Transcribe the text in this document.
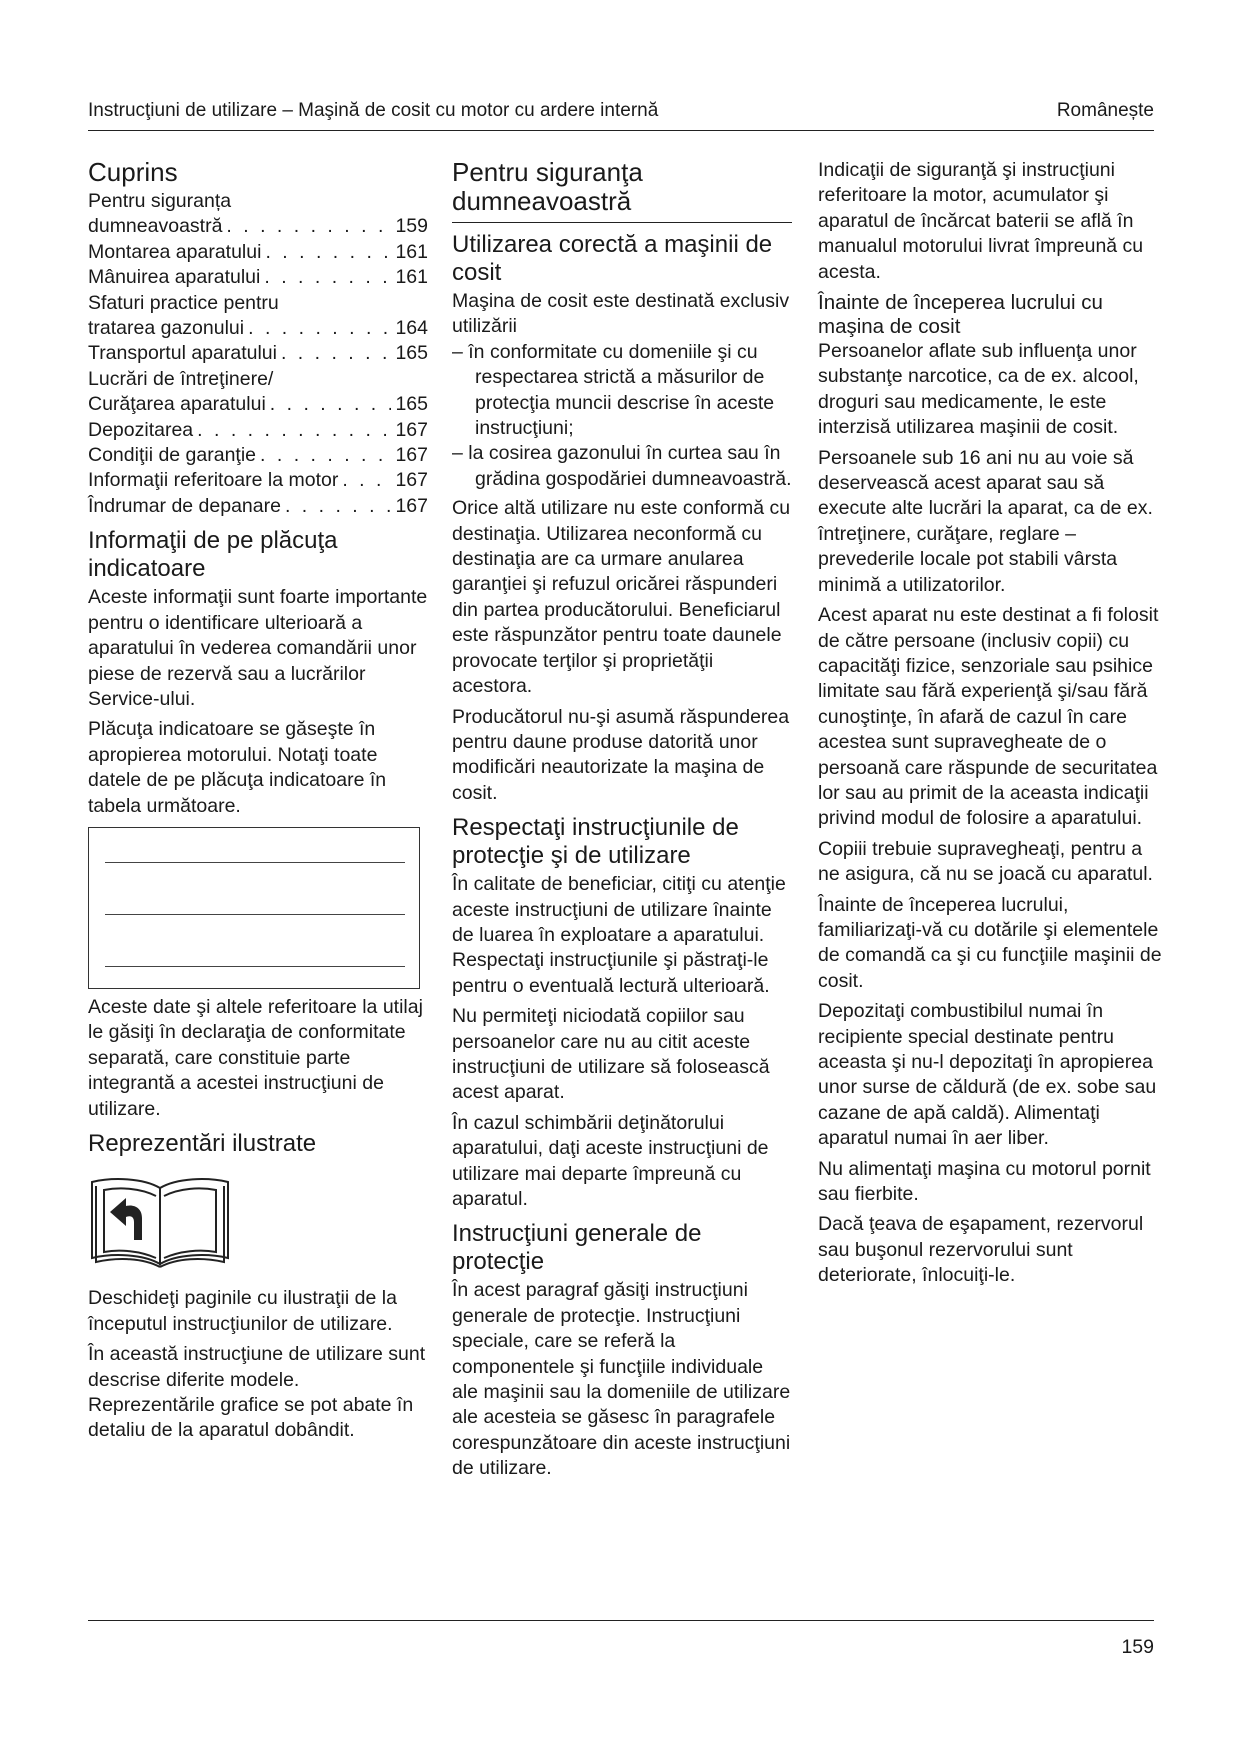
Instrucţiuni de utilizare – Maşină de cosit cu motor cu ardere internă	Românește
Cuprins
Pentru siguranța
dumneavoastră . . .	159
Montarea aparatului . . .	161
Mânuirea aparatului . . .	161
Sfaturi practice pentru
tratarea gazonului . . .	164
Transportul aparatului . . .	165
Lucrări de întreţinere/
Curăţarea aparatului . . .	165
Depozitarea . . .	167
Condiţii de garanţie . . .	167
Informaţii referitoare la motor . . .	167
Îndrumar de depanare . . .	167
Informaţii de pe plăcuţa indicatoare

Aceste informaţii sunt foarte importante pentru o identificare ulterioară a aparatului în vederea comandării unor piese de rezervă sau a lucrărilor Service-ului.

Plăcuţa indicatoare se găseşte în apropierea motorului. Notaţi toate datele de pe plăcuţa indicatoare în tabela următoare.

Aceste date şi altele referitoare la utilaj le găsiţi în declaraţia de conformitate separată, care constituie parte integrantă a acestei instrucţiuni de utilizare.

Reprezentări ilustrate

Deschideţi paginile cu ilustraţii de la începutul instrucţiunilor de utilizare.

În această instrucţiune de utilizare sunt descrise diferite modele. Reprezentările grafice se pot abate în detaliu de la aparatul dobândit.

Pentru siguranţa dumneavoastră
Utilizarea corectă a maşinii de cosit

Maşina de cosit este destinată exclusiv utilizării

– în conformitate cu domeniile şi cu respectarea strictă a măsurilor de protecţia muncii descrise în aceste instrucţiuni;
– la cosirea gazonului în curtea sau în grădina gospodăriei dumneavoastră.

Orice altă utilizare nu este conformă cu destinaţia. Utilizarea neconformă cu destinaţia are ca urmare anularea garanţiei şi refuzul oricărei răspunderi din partea producătorului. Beneficiarul este răspunzător pentru toate daunele provocate terţilor şi proprietăţii acestora.

Producătorul nu-şi asumă răspunderea pentru daune produse datorită unor modificări neautorizate la maşina de cosit.

Respectaţi instrucţiunile de protecţie şi de utilizare

În calitate de beneficiar, citiţi cu atenţie aceste instrucţiuni de utilizare înainte de luarea în exploatare a aparatului. Respectaţi instrucţiunile şi păstraţi-le pentru o eventuală lectură ulterioară.

Nu permiteţi niciodată copiilor sau persoanelor care nu au citit aceste instrucţiuni de utilizare să folosească acest aparat.

În cazul schimbării deţinătorului aparatului, daţi aceste instrucţiuni de utilizare mai departe împreună cu aparatul.

Instrucţiuni generale de protecţie

În acest paragraf găsiţi instrucţiuni generale de protecţie. Instrucţiuni speciale, care se referă la componentele şi funcţiile individuale ale maşinii sau la domeniile de utilizare ale acesteia se găsesc în paragrafele corespunzătoare din aceste instrucţiuni de utilizare.

Indicaţii de siguranţă şi instrucţiuni referitoare la motor, acumulator şi aparatul de încărcat baterii se află în manualul motorului livrat împreună cu acesta.

Înainte de începerea lucrului cu maşina de cosit

Persoanelor aflate sub influenţa unor substanţe narcotice, ca de ex. alcool, droguri sau medicamente, le este interzisă utilizarea maşinii de cosit.

Persoanele sub 16 ani nu au voie să deservească acest aparat sau să execute alte lucrări la aparat, ca de ex. întreţinere, curăţare, reglare – prevederile locale pot stabili vârsta minimă a utilizatorilor.

Acest aparat nu este destinat a fi folosit de către persoane (inclusiv copii) cu capacităţi fizice, senzoriale sau psihice limitate sau fără experienţă şi/sau fără cunoştinţe, în afară de cazul în care acestea sunt supravegheate de o persoană care răspunde de securitatea lor sau au primit de la aceasta indicaţii privind modul de folosire a aparatului.

Copiii trebuie supravegheaţi, pentru a ne asigura, că nu se joacă cu aparatul.

Înainte de începerea lucrului, familiarizaţi-vă cu dotările şi elementele de comandă ca şi cu funcţiile maşinii de cosit.

Depozitaţi combustibilul numai în recipiente special destinate pentru aceasta şi nu-l depozitaţi în apropierea unor surse de căldură (de ex. sobe sau cazane de apă caldă). Alimentaţi aparatul numai în aer liber.

Nu alimentaţi maşina cu motorul pornit sau fierbite.

Dacă ţeava de eşapament, rezervorul sau buşonul rezervorului sunt deteriorate, înlocuiţi-le.

159
